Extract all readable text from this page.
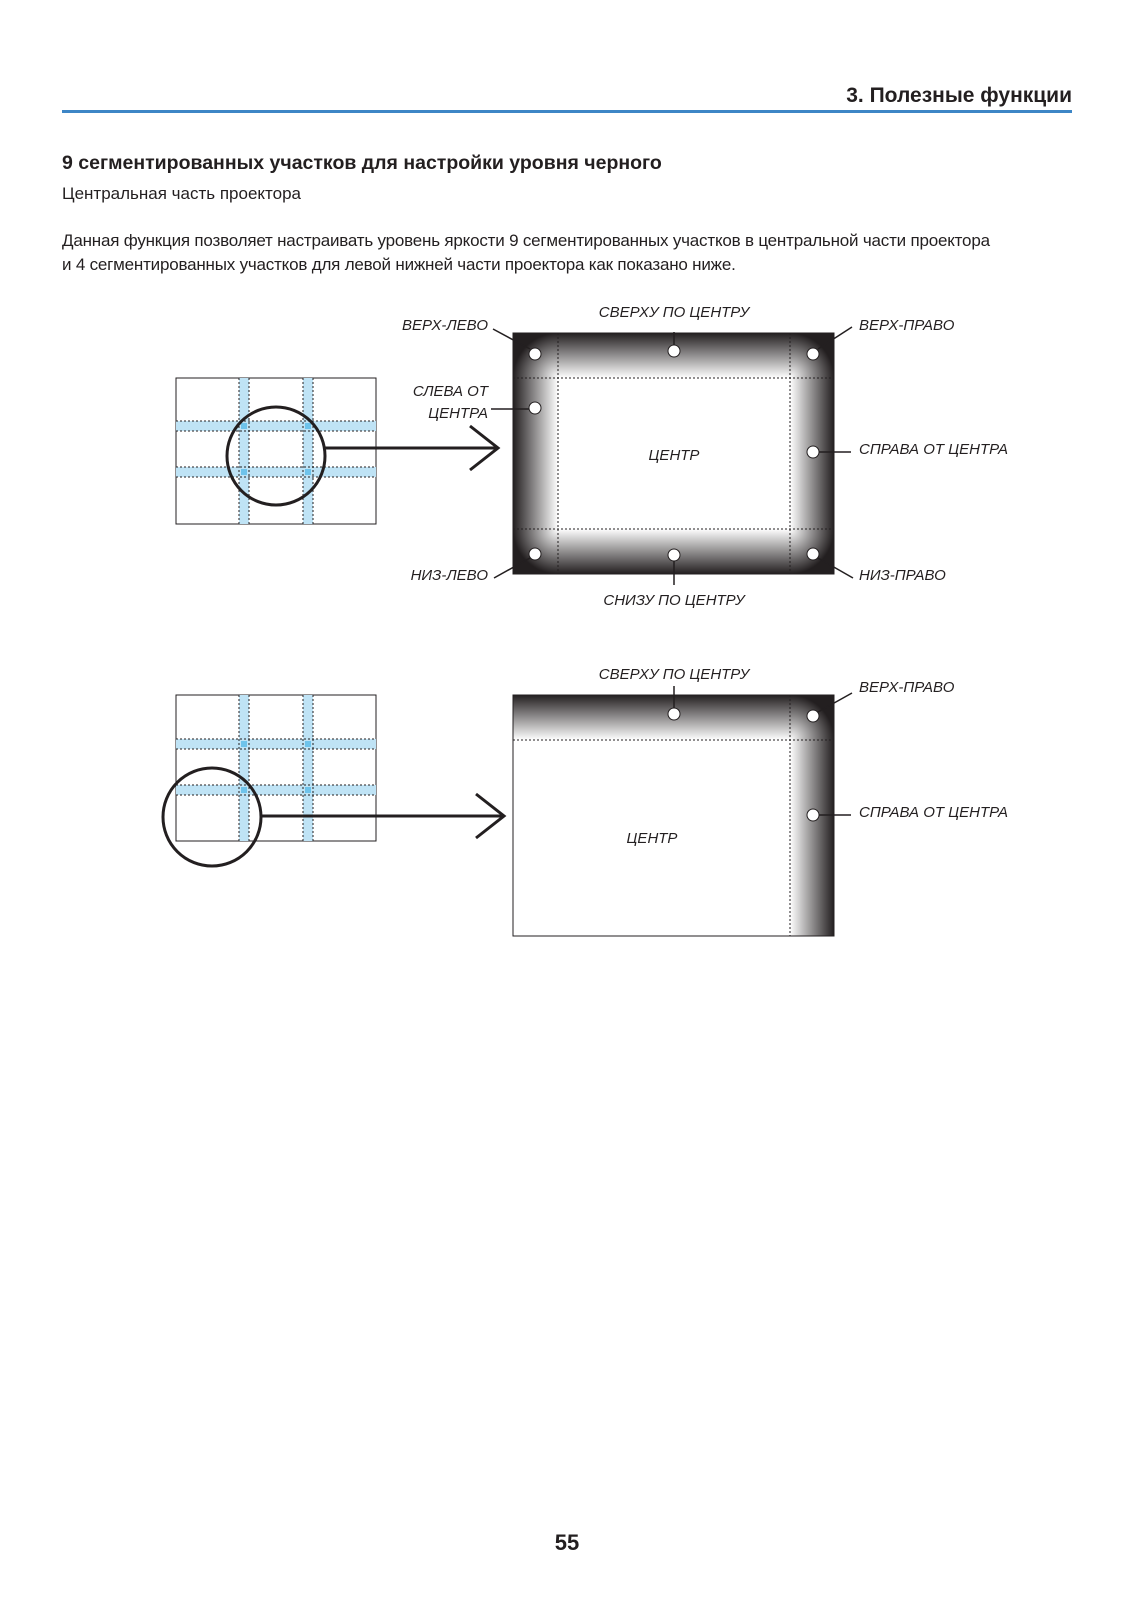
3. Полезные функции
9 сегментированных участков для настройки уровня черного
Центральная часть проектора

Данная функция позволяет настраивать уровень яркости 9 сегментированных участков в центральной части проектора
и 4 сегментированных участков для левой нижней части проектора как показано ниже.

ВЕРХ-ЛЕВО
СВЕРХУ ПО ЦЕНТРУ
ВЕРХ-ПРАВО
СЛЕВА ОТ
ЦЕНТРА
ЦЕНТР	СПРАВА ОТ ЦЕНТРА
НИЗ-ЛЕВО
СНИЗУ ПО ЦЕНТРУ
НИЗ-ПРАВО
СВЕРХУ ПО ЦЕНТРУ
ВЕРХ-ПРАВО
ЦЕНТР
СПРАВА ОТ ЦЕНТРА
55
